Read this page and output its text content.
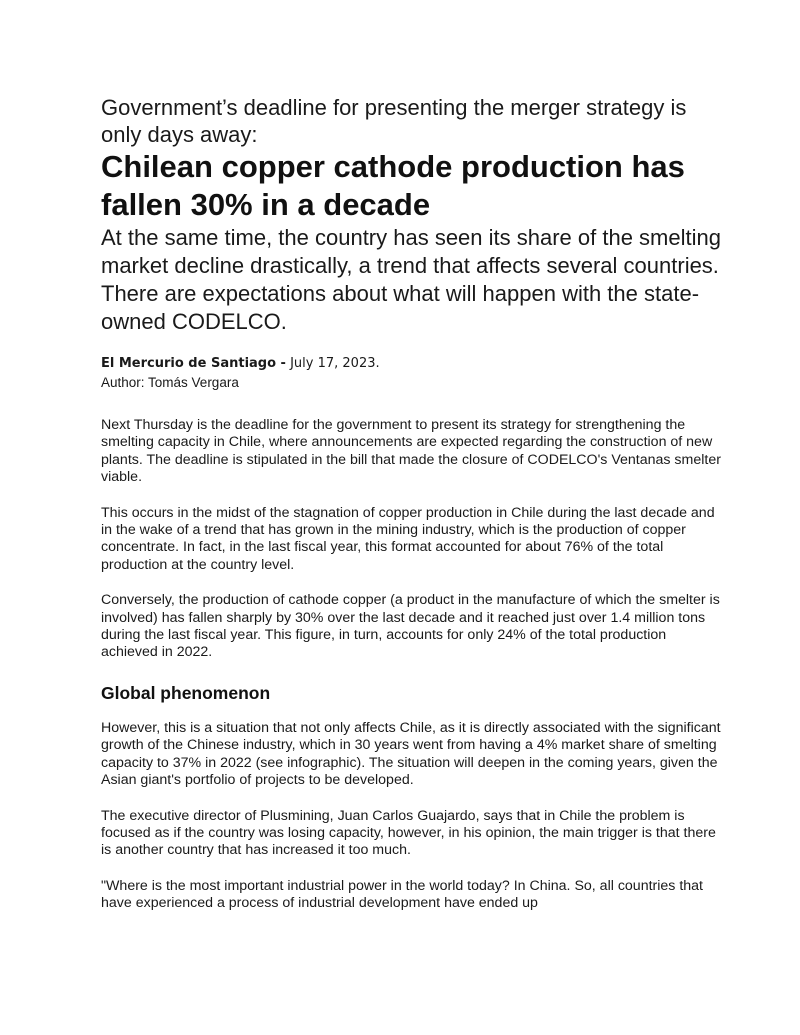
Government’s deadline for presenting the merger strategy is only days away:
Chilean copper cathode production has fallen 30% in a decade
At the same time, the country has seen its share of the smelting market decline drastically, a trend that affects several countries. There are expectations about what will happen with the state-owned CODELCO.
El Mercurio de Santiago - July 17, 2023.
Author: Tomás Vergara

Next Thursday is the deadline for the government to present its strategy for strengthening the smelting capacity in Chile, where announcements are expected regarding the construction of new plants. The deadline is stipulated in the bill that made the closure of CODELCO's Ventanas smelter viable.

This occurs in the midst of the stagnation of copper production in Chile during the last decade and in the wake of a trend that has grown in the mining industry, which is the production of copper concentrate. In fact, in the last fiscal year, this format accounted for about 76% of the total production at the country level.

Conversely, the production of cathode copper (a product in the manufacture of which the smelter is involved) has fallen sharply by 30% over the last decade and it reached just over 1.4 million tons during the last fiscal year. This figure, in turn, accounts for only 24% of the total production achieved in 2022.

Global phenomenon

However, this is a situation that not only affects Chile, as it is directly associated with the significant growth of the Chinese industry, which in 30 years went from having a 4% market share of smelting capacity to 37% in 2022 (see infographic). The situation will deepen in the coming years, given the Asian giant's portfolio of projects to be developed.

The executive director of Plusmining, Juan Carlos Guajardo, says that in Chile the problem is focused as if the country was losing capacity, however, in his opinion, the main trigger is that there is another country that has increased it too much.

"Where is the most important industrial power in the world today? In China. So, all countries that have experienced a process of industrial development have ended up
